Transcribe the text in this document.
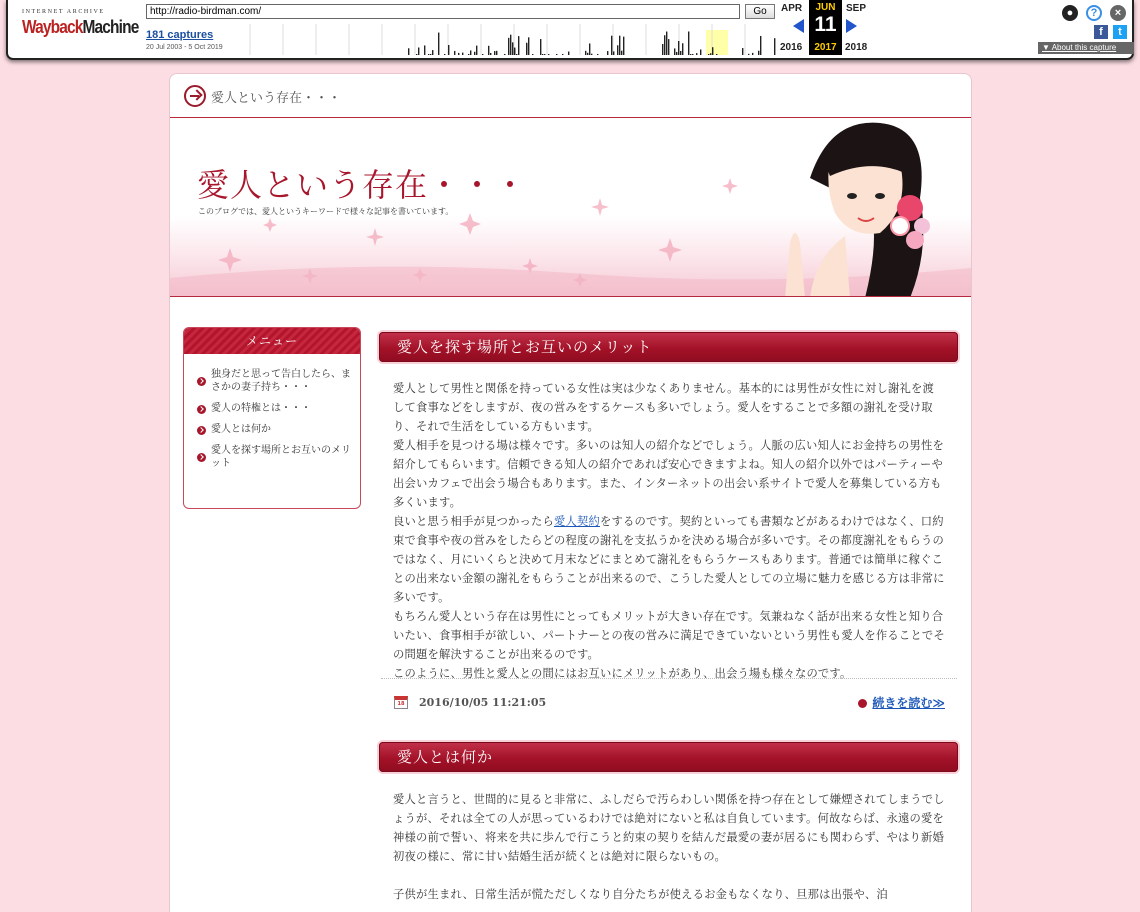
INTERNET ARCHIVE
WaybackMachine
http://radio-birdman.com/	Go
181 captures
20 Jul 2003 - 5 Oct 2019
APR	SEP
2016	2018
JUN
11
2017
●	?	×
f	t
▼ About this capture
愛人という存在・・・
愛人という存在・・・
このブログでは、愛人というキーワードで様々な記事を書いています。
メニュー
独身だと思って告白したら、まさかの妻子持ち・・・
愛人の特権とは・・・
愛人とは何か
愛人を探す場所とお互いのメリット
愛人を探す場所とお互いのメリット

愛人として男性と関係を持っている女性は実は少なくありません。基本的には男性が女性に対し謝礼を渡して食事などをしますが、夜の営みをするケースも多いでしょう。愛人をすることで多額の謝礼を受け取り、それで生活をしている方もいます。

愛人相手を見つける場は様々です。多いのは知人の紹介などでしょう。人脈の広い知人にお金持ちの男性を紹介してもらいます。信頼できる知人の紹介であれば安心できますよね。知人の紹介以外ではパーティーや出会いカフェで出会う場合もあります。また、インターネットの出会い系サイトで愛人を募集している方も多くいます。

良いと思う相手が見つかったら愛人契約をするのです。契約といっても書類などがあるわけではなく、口約束で食事や夜の営みをしたらどの程度の謝礼を支払うかを決める場合が多いです。その都度謝礼をもらうのではなく、月にいくらと決めて月末などにまとめて謝礼をもらうケースもあります。普通では簡単に稼ぐことの出来ない金額の謝礼をもらうことが出来るので、こうした愛人としての立場に魅力を感じる方は非常に多いです。

もちろん愛人という存在は男性にとってもメリットが大きい存在です。気兼ねなく話が出来る女性と知り合いたい、食事相手が欲しい、パートナーとの夜の営みに満足できていないという男性も愛人を作ることでその問題を解決することが出来るのです。

このように、男性と愛人との間にはお互いにメリットがあり、出会う場も様々なのです。

18 2016/10/05 11:21:05	続きを読む≫
愛人とは何か

愛人と言うと、世間的に見ると非常に、ふしだらで汚らわしい関係を持つ存在として嫌煙されてしまうでしょうが、それは全ての人が思っているわけでは絶対にないと私は自負しています。何故ならば、永遠の愛を神様の前で誓い、将来を共に歩んで行こうと約束の契りを結んだ最愛の妻が居るにも関わらず、やはり新婚初夜の様に、常に甘い結婚生活が続くとは絶対に限らないもの。

子供が生まれ、日常生活が慌ただしくなり自分たちが使えるお金もなくなり、旦那は出張や、泊
